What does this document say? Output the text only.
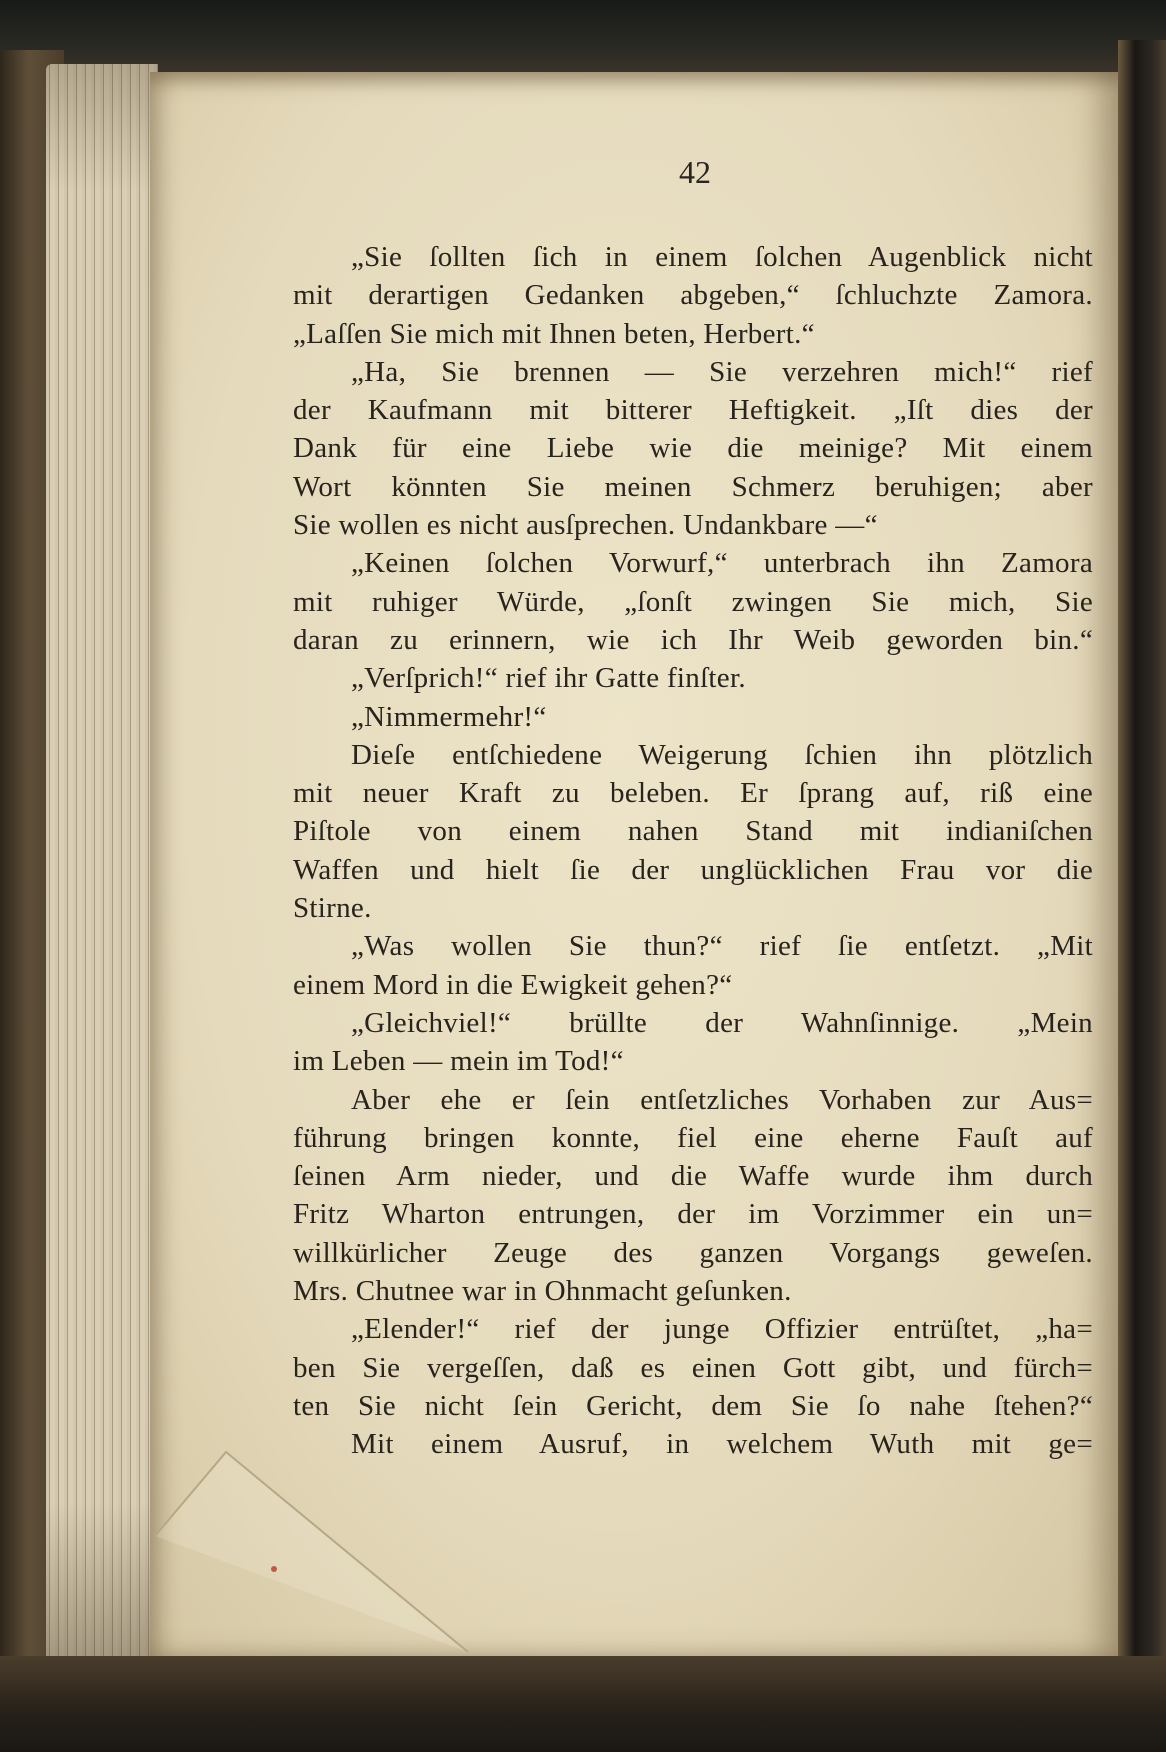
42
„Sie ſollten ſich in einem ſolchen Augenblick nicht
mit derartigen Gedanken abgeben,“ ſchluchzte Zamora.
„Laſſen Sie mich mit Ihnen beten, Herbert.“
„Ha, Sie brennen — Sie verzehren mich!“ rief
der Kaufmann mit bitterer Heftigkeit. „Iſt dies der
Dank für eine Liebe wie die meinige? Mit einem
Wort könnten Sie meinen Schmerz beruhigen; aber
Sie wollen es nicht ausſprechen. Undankbare —“
„Keinen ſolchen Vorwurf,“ unterbrach ihn Zamora
mit ruhiger Würde, „ſonſt zwingen Sie mich, Sie
daran zu erinnern, wie ich Ihr Weib geworden bin.“
„Verſprich!“ rief ihr Gatte finſter.
„Nimmermehr!“
Dieſe entſchiedene Weigerung ſchien ihn plötzlich
mit neuer Kraft zu beleben. Er ſprang auf, riß eine
Piſtole von einem nahen Stand mit indianiſchen
Waffen und hielt ſie der unglücklichen Frau vor die
Stirne.
„Was wollen Sie thun?“ rief ſie entſetzt. „Mit
einem Mord in die Ewigkeit gehen?“
„Gleichviel!“ brüllte der Wahnſinnige. „Mein
im Leben — mein im Tod!“
Aber ehe er ſein entſetzliches Vorhaben zur Aus=
führung bringen konnte, fiel eine eherne Fauſt auf
ſeinen Arm nieder, und die Waffe wurde ihm durch
Fritz Wharton entrungen, der im Vorzimmer ein un=
willkürlicher Zeuge des ganzen Vorgangs geweſen.
Mrs. Chutnee war in Ohnmacht geſunken.
„Elender!“ rief der junge Offizier entrüſtet, „ha=
ben Sie vergeſſen, daß es einen Gott gibt, und fürch=
ten Sie nicht ſein Gericht, dem Sie ſo nahe ſtehen?“
Mit einem Ausruf, in welchem Wuth mit ge=
